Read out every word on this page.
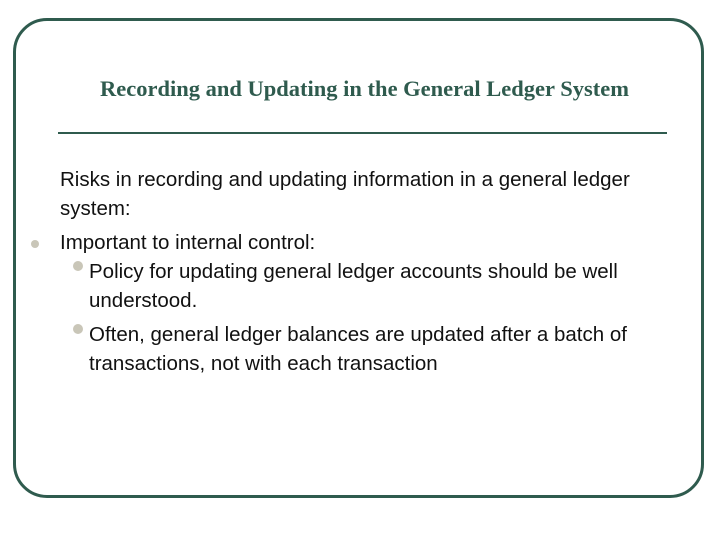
Recording and Updating in the General Ledger System

Risks in recording and updating information in a general ledger system:

Important to internal control:

Policy for updating general ledger accounts should be well understood.

Often, general ledger balances are updated after a batch of transactions, not with each transaction
